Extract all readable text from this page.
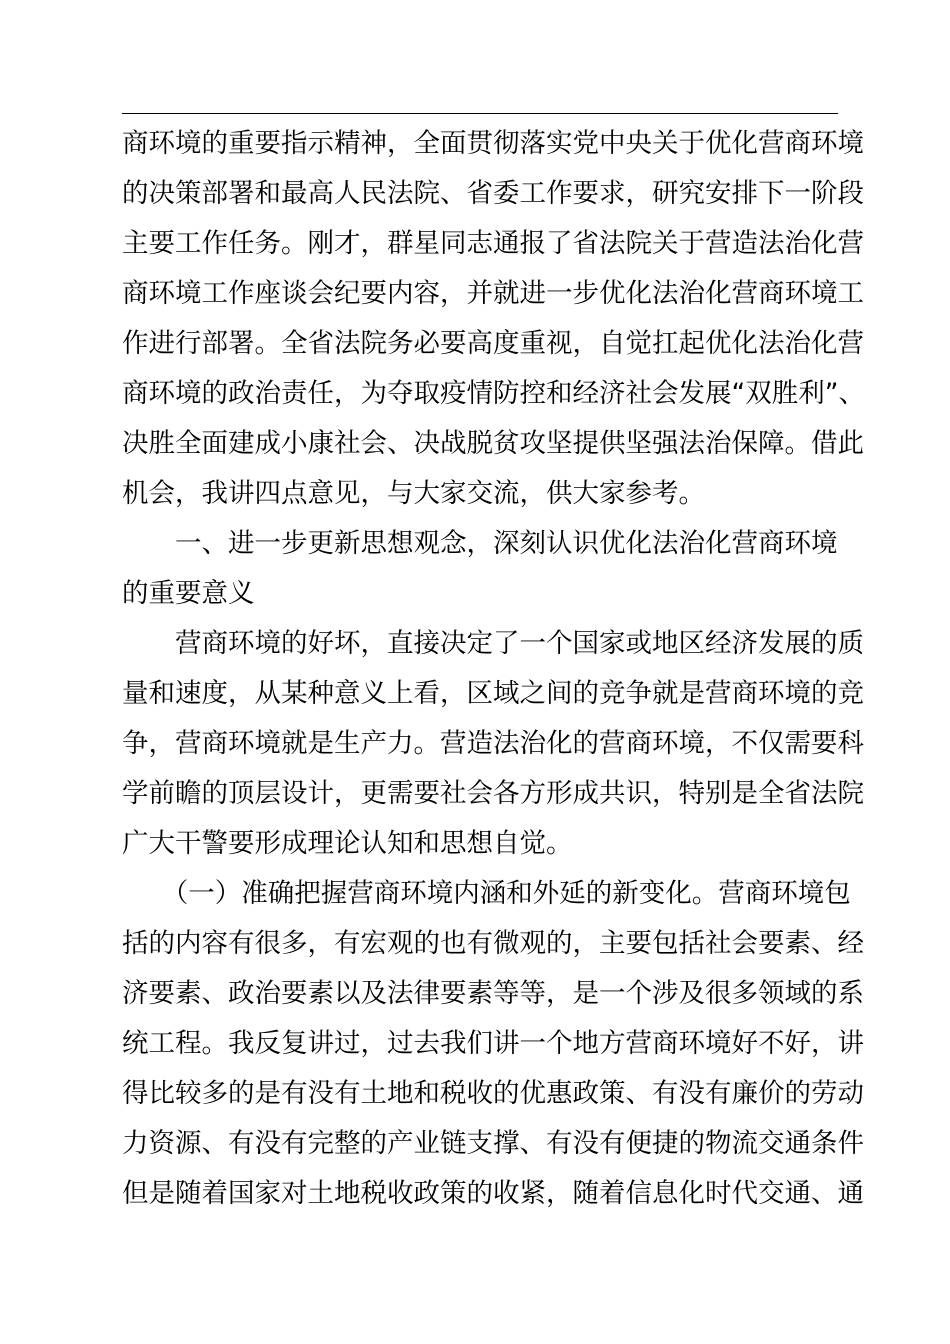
商环境的重要指示精神，全面贯彻落实党中央关于优化营商环境
的决策部署和最高人民法院、省委工作要求，研究安排下一阶段
主要工作任务。刚才，群星同志通报了省法院关于营造法治化营
商环境工作座谈会纪要内容，并就进一步优化法治化营商环境工
作进行部署。全省法院务必要高度重视，自觉扛起优化法治化营
商环境的政治责任，为夺取疫情防控和经济社会发展“双胜利”、
决胜全面建成小康社会、决战脱贫攻坚提供坚强法治保障。借此
机会，我讲四点意见，与大家交流，供大家参考。
　　一、进一步更新思想观念，深刻认识优化法治化营商环境
的重要意义
　　营商环境的好坏，直接决定了一个国家或地区经济发展的质
量和速度，从某种意义上看，区域之间的竞争就是营商环境的竞
争，营商环境就是生产力。营造法治化的营商环境，不仅需要科
学前瞻的顶层设计，更需要社会各方形成共识，特别是全省法院
广大干警要形成理论认知和思想自觉。
　　（一）准确把握营商环境内涵和外延的新变化。营商环境包
括的内容有很多，有宏观的也有微观的，主要包括社会要素、经
济要素、政治要素以及法律要素等等，是一个涉及很多领域的系
统工程。我反复讲过，过去我们讲一个地方营商环境好不好，讲
得比较多的是有没有土地和税收的优惠政策、有没有廉价的劳动
力资源、有没有完整的产业链支撑、有没有便捷的物流交通条件
但是随着国家对土地税收政策的收紧，随着信息化时代交通、通
